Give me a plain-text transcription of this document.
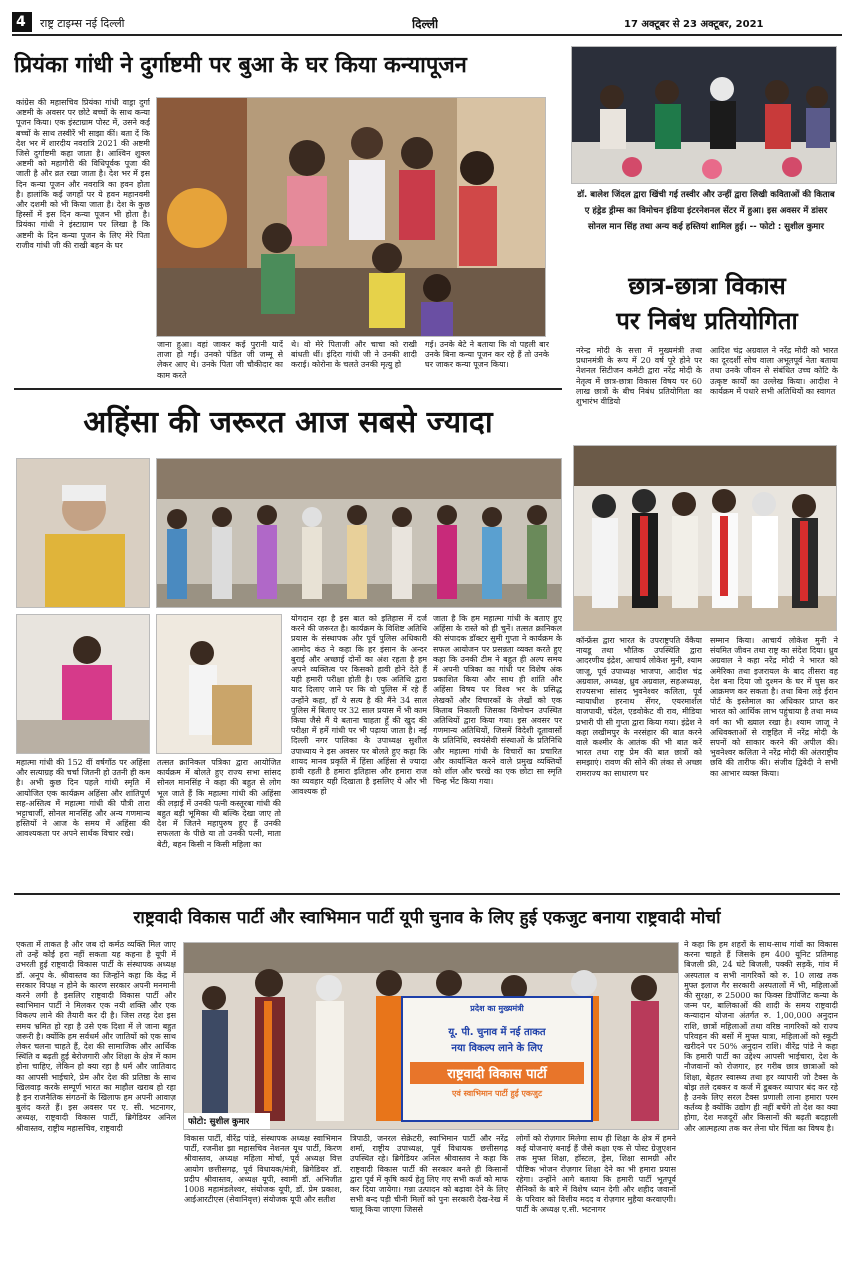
4 राष्ट्र टाइम्स नई दिल्ली	दिल्ली	17 अक्टूबर से 23 अक्टूबर, 2021
प्रियंका गांधी ने दुर्गाष्टमी पर बुआ के घर किया कन्यापूजन
कांग्रेस की महासचिव प्रियंका गांधी वाड्रा दुर्गा अष्टमी के अवसर पर छोटे बच्चों के साथ कन्या पूजन किया। एक इंस्टाग्राम पोस्ट में, उसने कई बच्चों के साथ तस्वीरें भी साझा कीं। बता दें कि देश भर में शारदीय नवरात्रि 2021 की अष्टमी जिसे दुर्गाष्टमी कहा जाता है। आश्विन शुक्ल अष्टमी को महागौरी की विधिपूर्वक पूजा की जाती है और व्रत रखा जाता है। देश भर में इस दिन कन्या पूजन और नवरात्रि का हवन होता है। हालांकि कई जगहों पर ये हवन महानवमी और दशमी को भी किया जाता है। देश के कुछ हिस्सों में इस दिन कन्या पूजन भी होता है। प्रियंका गांधी ने इंस्टाग्राम पर लिखा है कि अष्टमी के दिन कन्या पूजन के लिए मेरे पिता राजीव गांधी जी की राखी बहन के घर
जाना हुआ। वहां जाकर कई पुरानी यादें ताजा हो गईं। उनको पंडित जी जम्मू से लेकर आए थे। उनके पिता जी चौकीदार का काम करते
थे। वो मेरे पिताजी और चाचा को राखी बांधती थीं। इंदिरा गांधी जी ने उनकी शादी कराई। कोरोना के चलते उनकी मृत्यु हो
गई। उनके बेटे ने बताया कि वो पहली बार उनके बिना कन्या पूजन कर रहे हैं तो उनके घर जाकर कन्या पूजन किया।
डॉ. बालेश जिंदल द्वारा खिंची गई तस्वीर और उन्हीं द्वारा लिखी कविताओं की किताब ए हंड्रेड ड्रीम्स का विमोचन इंडिया इंटरनेशनल सेंटर में हुआ। इस अवसर में डांसर सोनल मान सिंह तथा अन्य कई हस्तियां शामिल हुई। -- फोटो : सुशील कुमार
छात्र-छात्रा विकास
पर निबंध प्रतियोगिता
नरेन्द्र मोदी के सत्ता में मुख्यमंत्री तथा प्रधानमंत्री के रूप में 20 वर्ष पूरे होने पर नेशनल सिटीजन कमेटी द्वारा नरेंद्र मोदी के नेतृत्व में छात्र-छात्रा विकास विषय पर 60 लाख छात्रों के बीच निबंध प्रतियोगिता का शुभारंभ वीडियो
आदिश चंद्र अग्रवाल ने नरेंद्र मोदी को भारत का दूरदर्शी सोच वाला अभूतपूर्व नेता बताया तथा उनके जीवन से संबंधित उच्च कोटि के उत्कृष्ट कार्यों का उल्लेख किया। आदीश ने कार्यक्रम में पधारे सभी अतिथियों का स्वागत
कॉन्फ्रेंस द्वारा भारत के उपराष्ट्रपति वेंकैया नायडू तथा भौतिक उपस्थिति द्वारा आदरणीय इंद्रेश, आचार्य लोकेश मुनी, श्याम जाजू, पूर्व उपाध्यक्ष भाजपा, आदीश चंद्र अग्रवाल, अध्यक्ष, ध्रुव अग्रवाल, सहअध्यक्ष, राज्यसभा सांसद भुवनेश्वर कलिता, पूर्व न्यायाधीश हरनाथ सेंगर, एयरमार्शल वाजपायी, चंदेल, एडवोकेट वी राव, मीडिया प्रभारी पी सी गुप्ता द्वारा किया गया। इंद्रेश ने कहा लखीमपुर के नरसंहार की बात करने वाले कश्मीर के आतंक की भी बात करें भारत तथा राष्ट्र प्रेम की बात छात्रों को समझाएं। रावण की सोने की लंका से अच्छा रामराज्य का साधारण घर
सम्मान किया। आचार्य लोकेश मुनी ने संयमित जीवन तथा राष्ट्र का संदेश दिया। ध्रुव अग्रवाल ने कहा नरेंद्र मोदी ने भारत को अमेरिका तथा इजरायल के बाद तीसरा वह देश बना दिया जो दुश्मन के घर में घुस कर आक्रमण कर सकता है। तथा बिना लड़े ईरान पोर्ट के इस्तेमाल का अधिकार प्राप्त कर भारत को आर्थिक लाभ पहुंचाया है तथा मध्य वर्ग का भी ख्याल रखा है। श्याम जाजू ने अधिवक्ताओं से राष्ट्रहित में नरेंद्र मोदी के सपनों को साकार करने की अपील की। भुवनेश्वर कलिता ने नरेंद्र मोदी की अंतराष्ट्रीय छवि की तारीफ की। संजीव द्विवेदी ने सभी का आभार व्यक्त किया।
अहिंसा की जरूरत आज सबसे ज्यादा
महात्मा गांधी की 152 वीं वर्षगाँठ पर अहिंसा और सत्याग्रह की चर्चा जितनी हो उतनी ही कम है। अभी कुछ दिन पहले गांधी स्मृति में आयोजित एक कार्यक्रम अहिंसा और शांतिपूर्ण सह-अस्तित्व में महात्मा गांधी की पौत्री तारा भट्टाचार्जी, सोनल मानसिंह और अन्य गणमान्य हस्तियों ने आज के समय में अहिंसा की आवश्यकता पर अपने सार्थक विचार रखे।
तत्सत क्रानिकल पत्रिका द्वारा आयोजित कार्यक्रम में बोलते हुए राज्य सभा सांसद सोनल मानसिंह ने कहा की बहुत से लोग भूल जाते हैं कि महात्मा गांधी की अहिंसा की लड़ाई में उनकी पत्नी कस्तूरबा गांधी की बहुत बड़ी भूमिका थी बल्कि देखा जाए तो देश में जितने महापुरुष हुए हैं उनकी सफलता के पीछे या तो उनकी पत्नी, माता बेटी, बहन किसी न किसी महिला का
योगदान रहा है इस बात को इतिहास में दर्ज करने की जरूरत है। कार्यक्रम के विशिष्ट अतिथि प्रयास के संस्थापक और पूर्व पुलिस अधिकारी आमोद कंठ ने कहा कि हर इंसान के अन्दर बुराई और अच्छाई दोनों का अंश रहता है हम अपने व्यक्तित्व पर किसको हावी होने देते हैं यही हमारी परीक्षा होती है। एक अतिथि द्वारा याद दिलाए जाने पर कि वो पुलिस में रहे हैं उन्होंने कहा, हाँ ये सत्य है की मैंने 34 साल पुलिस में बिताए पर 32 साल प्रयास में भी काम किया जैसे मैं ये बताना चाहता हूँ की खुद की परीक्षा में हमें गांधी पर भी पढ़ाया जाता है। नई दिल्ली नगर पालिका के उपाध्यक्ष सुशील उपाध्याय ने इस अवसर पर बोलते हुए कहा कि शायद मानव प्रकृति में हिंसा अहिंसा से ज्यादा हावी रहती है हमारा इतिहास और हमारा राज का व्यवहार यही दिखाता है इसलिए ये और भी आवश्यक हो
जाता है कि हम महात्मा गांधी के बताए हुए अहिंसा के रास्ते को ही चुनें। तत्सत क्रानिकल की संपादक डॉक्टर सुमी गुप्ता ने कार्यक्रम के सफल आयोजन पर प्रसन्नता व्यक्त करते हुए कहा कि उनकी टीम ने बहुत ही अल्प समय में अपनी पत्रिका का गांधी पर विशेष अंक प्रकाशित किया और साथ ही शांति और अहिंसा विषय पर विश्व भर के प्रसिद्ध लेखकों और विचारकों के लेखों को एक किताब निकाली जिसका विमोचन उपस्थित अतिथियों द्वारा किया गया। इस अवसर पर गणमान्य अतिथियों, जिसमें विदेशी दूतावासों के प्रतिनिधि, स्वयंसेवी संस्थाओं के प्रतिनिधि और महात्मा गांधी के विचारों का प्रचारित और कार्यान्वित करने वाले प्रमुख व्यक्तियों को शॉल और चरखे का एक छोटा सा स्मृति चिन्ह भेंट किया गया।
राष्ट्रवादी विकास पार्टी और स्वाभिमान पार्टी यूपी चुनाव के लिए हुई एकजुट बनाया राष्ट्रवादी मोर्चा
एकता में ताकत है और जब दो कर्मठ व्यक्ति मिल जाए तो उन्हें कोई हरा नहीं सकता यह कहना है यूपी में उभरती हुई राष्ट्रवादी विकास पार्टी के संस्थापक अध्यक्ष डॉ. अनूप के. श्रीवास्तव का जिन्होंने कहा कि केंद्र में सरकार विपक्ष न होने के कारण सरकार अपनी मनमानी करने लगी है इसलिए राष्ट्रवादी विकास पार्टी और स्वाभिमान पार्टी ने मिलकर एक नयी शक्ति और एक विकल्प लाने की तैयारी कर दी है। जिस तरह देश इस समय भ्रमित हो रहा है उसे एक दिशा में ले जाना बहुत जरूरी है। क्योंकि हम सर्वधर्म और जातियों को एक साथ लेकर चलना चाहते हैं, देश की सामाजिक और आर्थिक स्थिति व बढ़ती हुई बेरोजगारी और शिक्षा के क्षेत्र में काम होना चाहिए, लेकिन हो क्या रहा है धर्म और जातिवाद का आपसी भाईचारे, प्रेम और देश की प्रतिष्ठा के साथ खिलवाड़ करके सम्पूर्ण भारत का माहौल खराब हो रहा है इन राजनैतिक संगठनों के खिलाफ हम अपनी आवाज़ बुलंद करते हैं। इस अवसर पर ए. सी. भटनागर, अध्यक्ष, राष्ट्रवादी विकास पार्टी, ब्रिगेडियर अनिल श्रीवास्तव, राष्ट्रीय महासचिव, राष्ट्रवादी
प्रदेश का मुख्यमंत्री
यू. पी. चुनाव में नई ताकत
नया विकल्प लाने के लिए
राष्ट्रवादी विकास पार्टी
एवं स्वाभिमान पार्टी हुई एकजुट
फोटो: सुशील कुमार
विकास पार्टी, वीरेंद्र पांडे, संस्थापक अध्यक्ष स्वाभिमान पार्टी, रजनीश झा महासचिव नेशनल यूथ पार्टी, किरण श्रीवास्तव, अध्यक्ष महिला मोर्चा, पूर्व अध्यक्ष वित्त आयोग छत्तीसगढ़, पूर्व विधायक/मंत्री, ब्रिगेडियर डॉ. प्रदीप श्रीवास्तव, अध्यक्ष यूपी, स्वामी डॉ. अभिजीत 1008 महामंडलेश्वर, संयोजक यूपी, डॉ. प्रेम प्रकाश, आईआरटीएस (सेवानिवृत्त) संयोजक यूपी और सतीश
त्रिपाठी, जनरल सेक्रेटरी, स्वाभिमान पार्टी और नरेंद्र शर्मा, राष्ट्रीय उपाध्यक्ष, पूर्व विधायक छत्तीसगढ़ उपस्थित रहे। ब्रिगेडियर अनिल श्रीवास्तव ने कहा कि राष्ट्रवादी विकास पार्टी की सरकार बनते ही किसानों द्वारा पूर्व में कृषि कार्य हेतु लिए गए सभी कर्ज को माफ कर दिया जायेगा। गन्ना उत्पादन को बढ़ावा देने के लिए सभी बन्द पड़ी चीनी मिलों को पुनः सरकारी देख-रेख में चालू किया जाएगा जिससे
लोगों को रोज़गार मिलेगा साथ ही शिक्षा के क्षेत्र में हमने कई योजनाएं बनाई हैं जैसे कक्षा एक से पोस्ट ग्रेजुएशन तक मुफ्त शिक्षा, हॉस्टल, ड्रेस, शिक्षा सामग्री और पौष्टिक भोजन रोज़गार शिक्षा देने का भी हमारा प्रयास रहेगा। उन्होंने आगे बताया कि हमारी पार्टी भूतपूर्व सैनिकों के बारे में विशेष ध्यान देगी और शहीद जवानों के परिवार को वित्तीय मदद व रोज़गार मुहैया करवाएगी। पार्टी के अध्यक्ष ए.सी. भटनागर
ने कहा कि हम शहरों के साथ-साथ गांवों का विकास करना चाहते हैं जिसके हम 400 यूनिट प्रतिमाह बिजली फ्री, 24 घंटे बिजली, पक्की सड़कें, गांव में अस्पताल व सभी नागरिकों को रु. 10 लाख तक मुफ्त इलाज गैर सरकारी अस्पतालों में भी, महिलाओं की सुरक्षा, रु 25000 का फिक्स डिपॉजिट कन्या के जन्म पर, बालिकाओं की शादी के समय राष्ट्रवादी कन्यादान योजना अंतर्गत रु. 1,00,000 अनुदान राशि, छात्रों महिलाओं तथा वरिष्ठ नागरिकों को राज्य परिवहन की बसों में मुफ्त यात्रा, महिलाओं को स्कूटी खरीदने पर 50% अनुदान राशि। वीरेंद्र पांडे ने कहा कि हमारी पार्टी का उद्देश्य आपसी भाईचारा, देश के नौजवानों को रोजगार, हर गरीब छात्र छात्राओं को शिक्षा, बेहतर स्वास्थ्य तथा हर व्यापारी जो टैक्स के बोझ तले दबकर व कर्ज में डूबकर व्यापार बंद कर रहे है उनके लिए सरल टैक्स प्रणाली लाना हमारा परम कर्तव्य है क्योंकि उद्योग ही नहीं बचेंगे तो देश का क्या होगा, देश मजदूरों और किसानों की बढ़ती बदहाली और आत्महत्या तक कर लेना घोर चिंता का विषय है।
